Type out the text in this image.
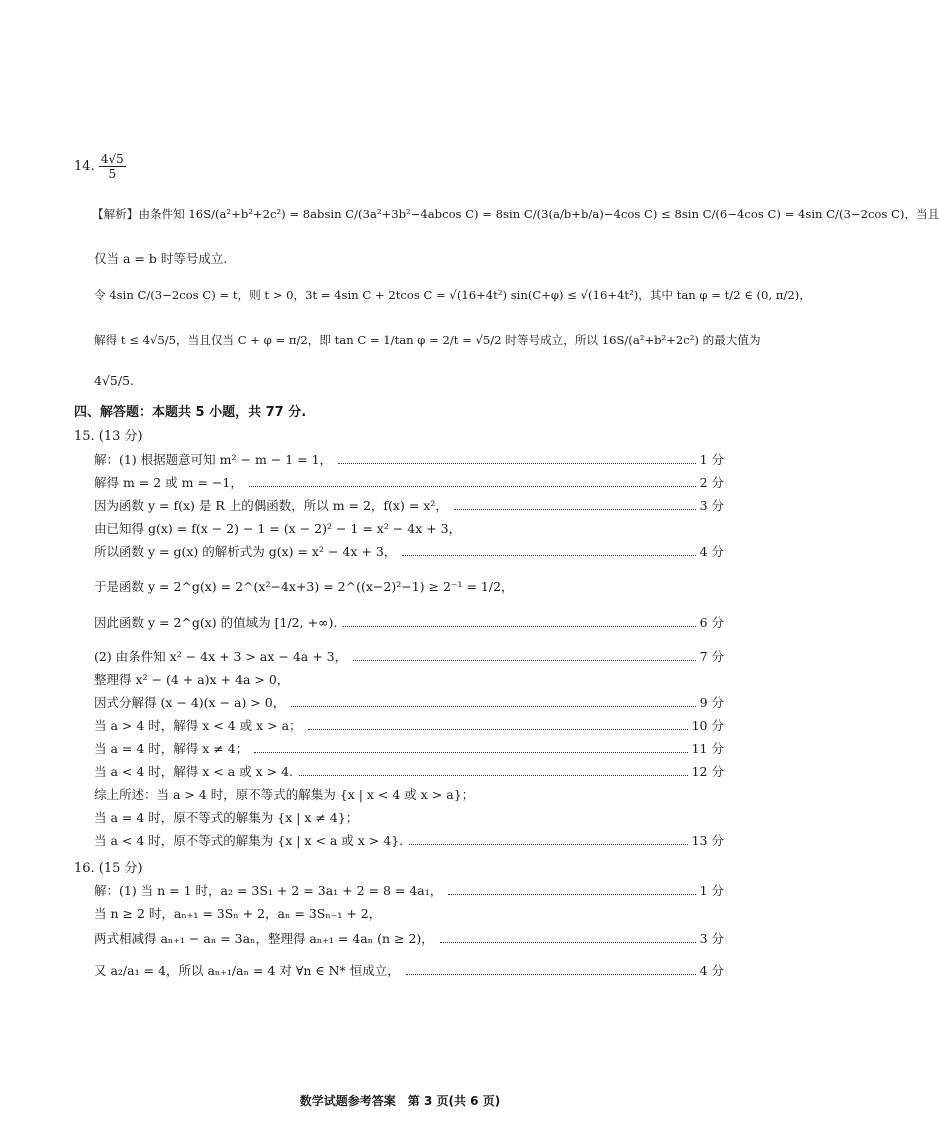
14. $\frac{4√5}{5}$
【解析】由条件知 16S/(a²+b²+2c²) = 8absin C/(3a²+3b²−4abcos C) = 8sin C/(3(a/b+b/a)−4cos C) ≤ 8sin C/(6−4cos C) = 4sin C/(3−2cos C)，当且
仅当 a = b 时等号成立.
令 4sin C/(3−2cos C) = t，则 t > 0，3t = 4sin C + 2tcos C = √(16+4t²) sin(C+φ) ≤ √(16+4t²)，其中 tan φ = t/2 ∈ (0, π/2)，
解得 t ≤ 4√5/5，当且仅当 C + φ = π/2，即 tan C = 1/tan φ = 2/t = √5/2 时等号成立，所以 16S/(a²+b²+2c²) 的最大值为
4√5/5.
四、解答题：本题共 5 小题，共 77 分.
15. (13 分)
解：(1) 根据题意可知 m² − m − 1 = 1，	1 分
解得 m = 2 或 m = −1，	2 分
因为函数 y = f(x) 是 R 上的偶函数，所以 m = 2，f(x) = x²，	3 分
由已知得 g(x) = f(x − 2) − 1 = (x − 2)² − 1 = x² − 4x + 3，
所以函数 y = g(x) 的解析式为 g(x) = x² − 4x + 3，	4 分
于是函数 y = 2^g(x) = 2^(x²−4x+3) = 2^((x−2)²−1) ≥ 2⁻¹ = 1/2，
因此函数 y = 2^g(x) 的值域为 [1/2, +∞).	6 分
(2) 由条件知 x² − 4x + 3 > ax − 4a + 3，	7 分
整理得 x² − (4 + a)x + 4a > 0，
因式分解得 (x − 4)(x − a) > 0，	9 分
当 a > 4 时，解得 x < 4 或 x > a；	10 分
当 a = 4 时，解得 x ≠ 4；	11 分
当 a < 4 时，解得 x < a 或 x > 4.	12 分
综上所述：当 a > 4 时，原不等式的解集为 {x | x < 4 或 x > a}；
当 a = 4 时，原不等式的解集为 {x | x ≠ 4}；
当 a < 4 时，原不等式的解集为 {x | x < a 或 x > 4}.	13 分
16. (15 分)
解：(1) 当 n = 1 时，a₂ = 3S₁ + 2 = 3a₁ + 2 = 8 = 4a₁，	1 分
当 n ≥ 2 时，aₙ₊₁ = 3Sₙ + 2，aₙ = 3Sₙ₋₁ + 2，
两式相减得 aₙ₊₁ − aₙ = 3aₙ，整理得 aₙ₊₁ = 4aₙ (n ≥ 2)，	3 分
又 a₂/a₁ = 4，所以 aₙ₊₁/aₙ = 4 对 ∀n ∈ N* 恒成立，	4 分
数学试题参考答案　第 3 页(共 6 页)
